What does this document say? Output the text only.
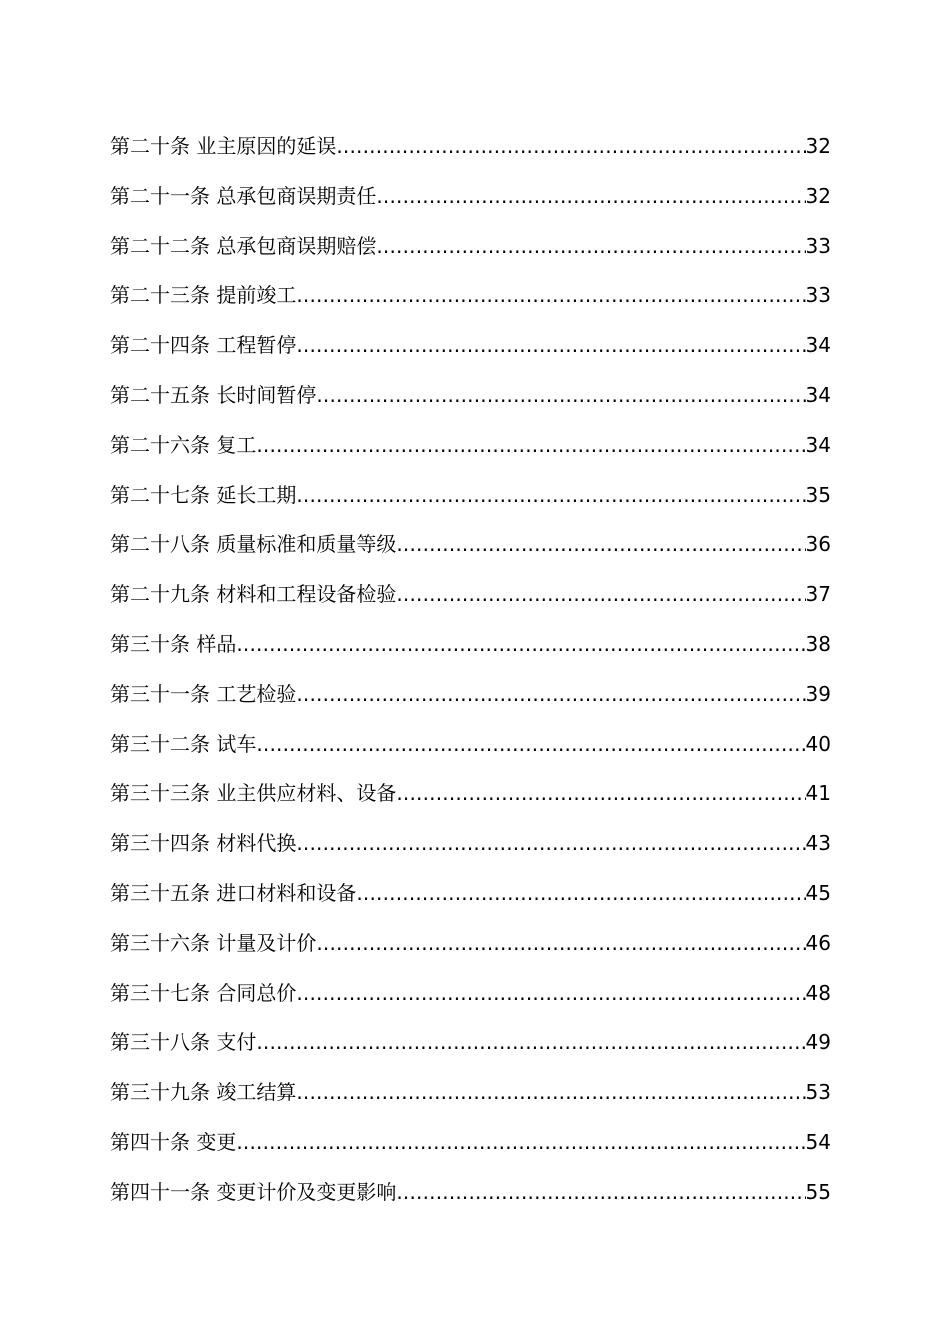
第二十条 业主原因的延误 .....	32
第二十一条 总承包商误期责任 .....	32
第二十二条 总承包商误期赔偿 .....	33
第二十三条 提前竣工 .....	33
第二十四条 工程暂停 .....	34
第二十五条 长时间暂停 .....	34
第二十六条 复工 .....	34
第二十七条 延长工期 .....	35
第二十八条 质量标准和质量等级 .....	36
第二十九条 材料和工程设备检验 .....	37
第三十条 样品 .....	38
第三十一条 工艺检验 .....	39
第三十二条 试车 .....	40
第三十三条 业主供应材料、设备 .....	41
第三十四条 材料代换 .....	43
第三十五条 进口材料和设备 .....	45
第三十六条 计量及计价 .....	46
第三十七条 合同总价 .....	48
第三十八条 支付 .....	49
第三十九条 竣工结算 .....	53
第四十条 变更 .....	54
第四十一条 变更计价及变更影响 .....	55
